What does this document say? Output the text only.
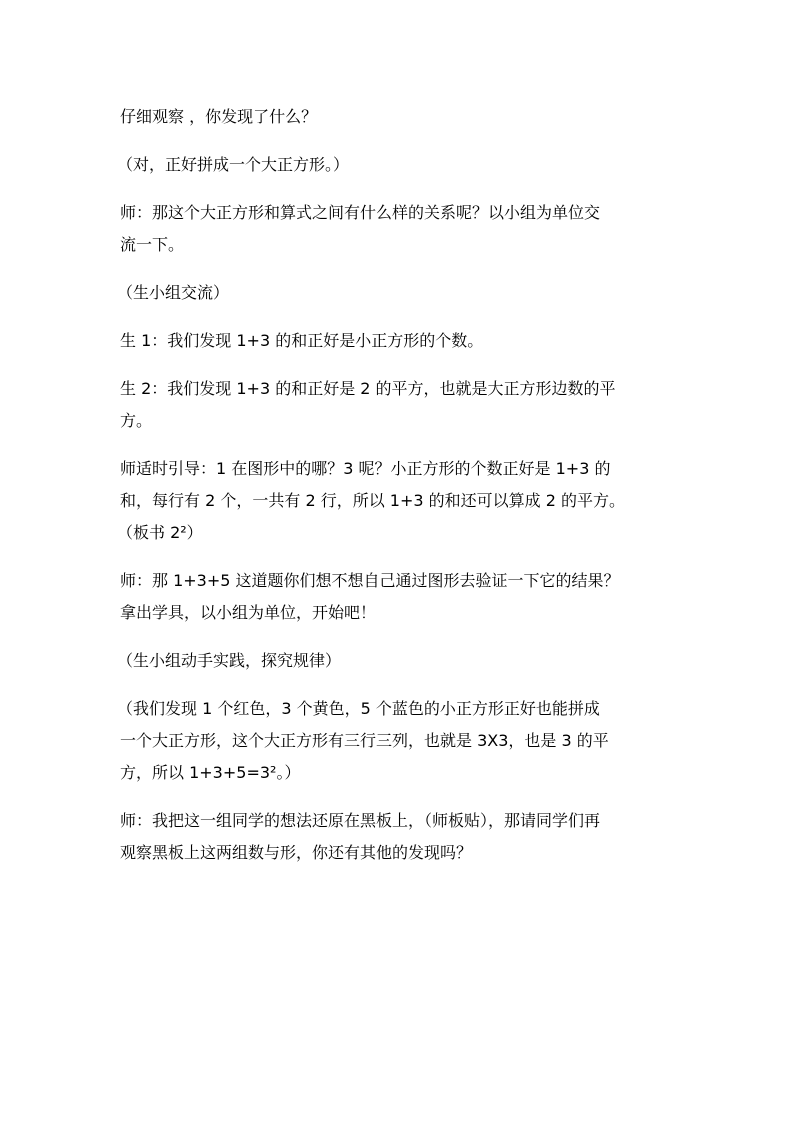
仔细观察 ，你发现了什么？

（对，正好拼成一个大正方形。）

师：那这个大正方形和算式之间有什么样的关系呢？以小组为单位交
流一下。

（生小组交流）

生 1：我们发现 1+3 的和正好是小正方形的个数。

生 2：我们发现 1+3 的和正好是 2 的平方，也就是大正方形边数的平
方。

师适时引导：1 在图形中的哪？3 呢？小正方形的个数正好是 1+3 的
和，每行有 2 个，一共有 2 行，所以 1+3 的和还可以算成 2 的平方。
（板书 2²）

师：那 1+3+5 这道题你们想不想自己通过图形去验证一下它的结果？
拿出学具，以小组为单位，开始吧！

（生小组动手实践，探究规律）

（我们发现 1 个红色，3 个黄色，5 个蓝色的小正方形正好也能拼成
一个大正方形，这个大正方形有三行三列，也就是 3X3，也是 3 的平
方，所以 1+3+5=3²。）

师：我把这一组同学的想法还原在黑板上，（师板贴），那请同学们再
观察黑板上这两组数与形，你还有其他的发现吗？
